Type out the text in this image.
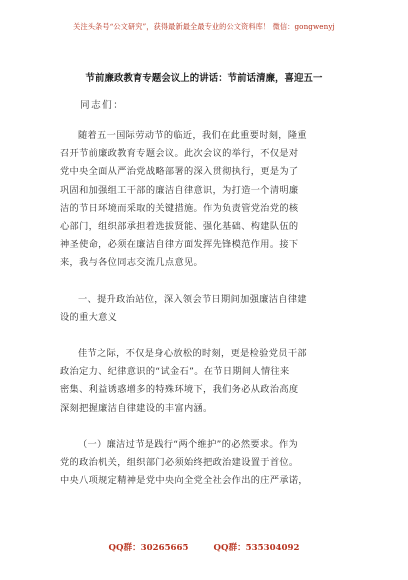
关注头条号“公文研究”，获得最新最全最专业的公文资料库！ 微信：gongwenyj
节前廉政教育专题会议上的讲话：节前话清廉，喜迎五一
同志们：
随着五一国际劳动节的临近，我们在此重要时刻，隆重
召开节前廉政教育专题会议。此次会议的举行，不仅是对
党中央全面从严治党战略部署的深入贯彻执行，更是为了
巩固和加强组工干部的廉洁自律意识，为打造一个清明廉
洁的节日环境而采取的关键措施。作为负责管党治党的核
心部门，组织部承担着选拔贤能、强化基础、构建队伍的
神圣使命，必须在廉洁自律方面发挥先锋模范作用。接下
来，我与各位同志交流几点意见。
一、提升政治站位，深入领会节日期间加强廉洁自律建
设的重大意义
佳节之际，不仅是身心放松的时刻，更是检验党员干部
政治定力、纪律意识的“试金石”。在节日期间人情往来
密集、利益诱惑增多的特殊环境下，我们务必从政治高度
深刻把握廉洁自律建设的丰富内涵。
（一）廉洁过节是践行“两个维护”的必然要求。作为
党的政治机关，组织部门必须始终把政治建设置于首位。
中央八项规定精神是党中央向全党全社会作出的庄严承诺，
QQ群：30265665	QQ群：535304092
